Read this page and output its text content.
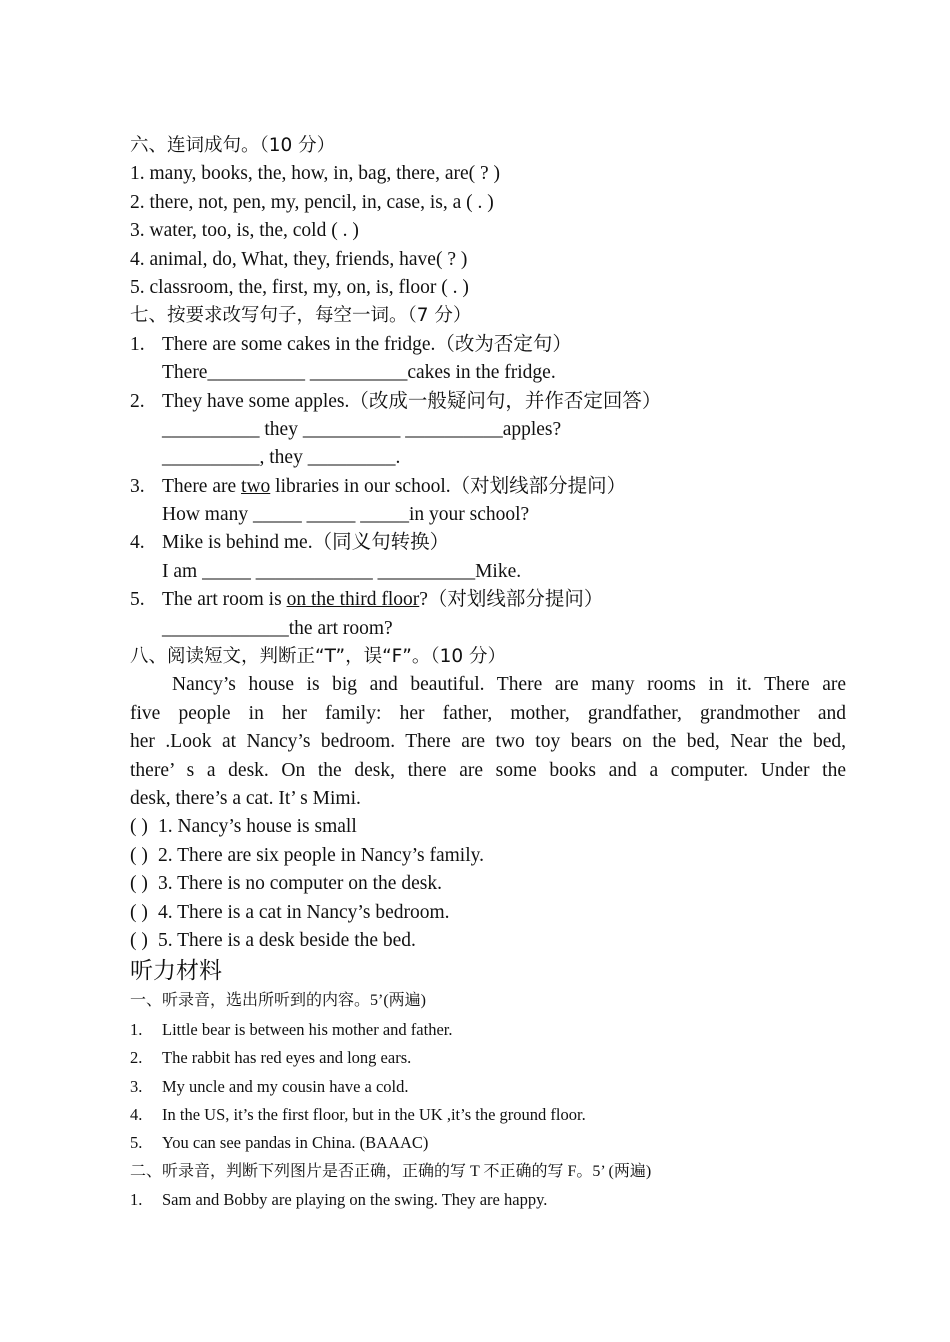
六、连词成句。（10 分）
1. many, books, the, how, in, bag, there, are( ? )
2. there, not, pen, my, pencil, in, case, is, a ( . )
3. water, too, is, the, cold ( . )
4. animal, do, What, they, friends, have( ? )
5. classroom, the, first, my, on, is, floor ( . )
七、按要求改写句子，每空一词。（7 分）
1. There are some cakes in the fridge.（改为否定句）
There__________ __________cakes in the fridge.
2. They have some apples.（改成一般疑问句，并作否定回答）
__________ they __________ __________apples?
__________, they _________.
3. There are two libraries in our school.（对划线部分提问）
How many _____ _____ _____in your school?
4. Mike is behind me.（同义句转换）
I am _____ ____________ __________Mike.
5. The art room is on the third floor?（对划线部分提问）
_____________the art room?
八、阅读短文，判断正“T”，误“F”。（10 分）
Nancy’s house is big and beautiful. There are many rooms in it. There are
five people in her family: her father, mother, grandfather, grandmother and
her .Look at Nancy’s bedroom. There are two toy bears on the bed, Near the bed,
there’ s a desk. On the desk, there are some books and a computer. Under the
desk, there’s a cat. It’ s Mimi.
( ) 1. Nancy’s house is small
( ) 2. There are six people in Nancy’s family.
( ) 3. There is no computer on the desk.
( ) 4. There is a cat in Nancy’s bedroom.
( ) 5. There is a desk beside the bed.
听力材料
一、听录音，选出所听到的内容。5’(两遍)
1. Little bear is between his mother and father.
2. The rabbit has red eyes and long ears.
3. My uncle and my cousin have a cold.
4. In the US, it’s the first floor, but in the UK ,it’s the ground floor.
5. You can see pandas in China. (BAAAC)
二、听录音，判断下列图片是否正确，正确的写 T 不正确的写 F。5’ (两遍)
1. Sam and Bobby are playing on the swing. They are happy.
